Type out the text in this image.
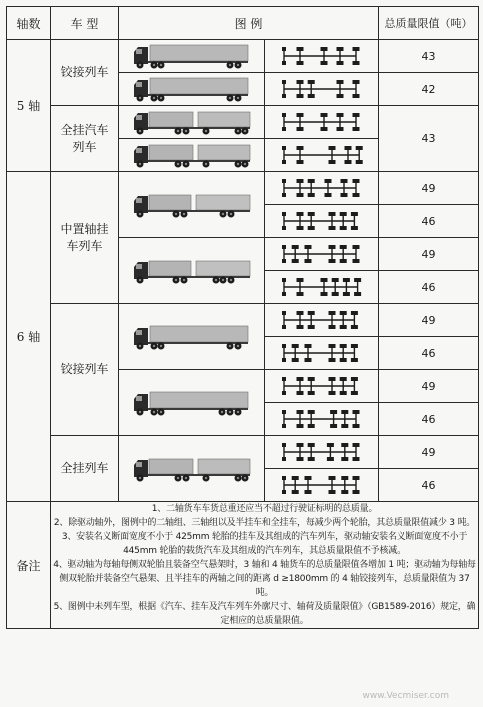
轴数	车 型	图 例		总质量限值（吨）
5 轴	铰接列车			43

	42
	全挂汽车列车			43

6 轴	中置轴挂车列车			49

	46

	49

	46
	铰接列车			49

	46

	49

	46
	全挂列车			49

	46
备注	1、二轴货车车货总重还应当不超过行驶证标明的总质量。

2、除驱动轴外，图例中的二轴组、三轴组以及半挂车和全挂车，每减少两个轮胎，其总质量限值减少 3 吨。

3、安装名义断面宽度不小于 425mm 轮胎的挂车及其组成的汽车列车，驱动轴安装名义断面宽度不小于 445mm 轮胎的载货汽车及其组成的汽车列车，其总质量限值不予核减。

4、驱动轴为每轴每侧双轮胎且装备空气悬架时，3 轴和 4 轴货车的总质量限值各增加 1 吨；驱动轴为每轴每侧双轮胎并装备空气悬架、且半挂车的两轴之间的距离 d ≥1800mm 的 4 轴铰接列车，总质量限值为 37 吨。

5、图例中未列车型，根据《汽车、挂车及汽车列车外廓尺寸、轴荷及质量限值》（GB1589-2016）规定，确定相应的总质量限值。			

www.Vecmiser.com
